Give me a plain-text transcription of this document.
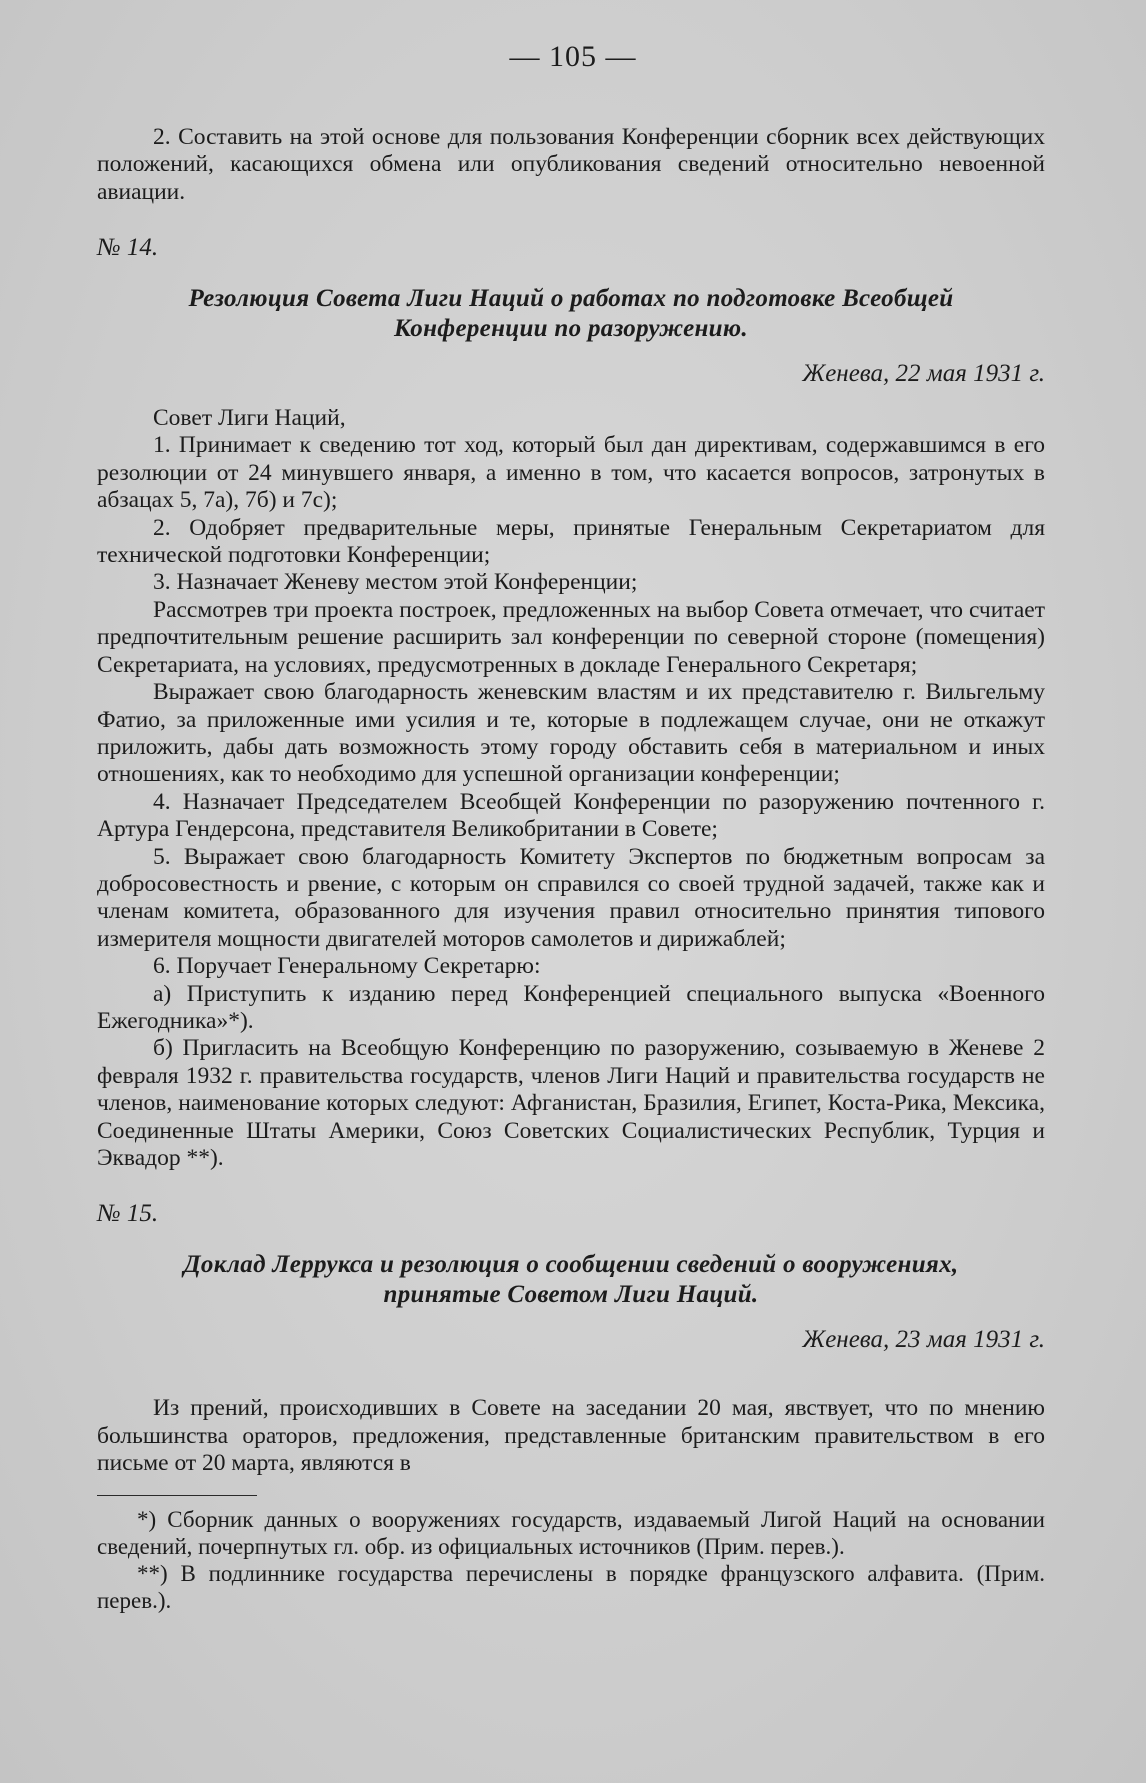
— 105 —

2. Составить на этой основе для пользования Конференции сборник всех действующих положений, касающихся обмена или опубликования сведений относительно невоенной авиации.

№ 14.

Резолюция Совета Лиги Наций о работах по подготовке Всеобщей
Конференции по разоружению.

Женева, 22 мая 1931 г.

Совет Лиги Наций,

1. Принимает к сведению тот ход, который был дан директивам, содержавшимся в его резолюции от 24 минувшего января, а именно в том, что касается вопросов, затронутых в абзацах 5, 7а), 7б) и 7с);

2. Одобряет предварительные меры, принятые Генеральным Секретариатом для технической подготовки Конференции;

3. Назначает Женеву местом этой Конференции;

Рассмотрев три проекта построек, предложенных на выбор Совета отмечает, что считает предпочтительным решение расширить зал конференции по северной стороне (помещения) Секретариата, на условиях, предусмотренных в докладе Генерального Секретаря;

Выражает свою благодарность женевским властям и их представителю г. Вильгельму Фатио, за приложенные ими усилия и те, которые в подлежащем случае, они не откажут приложить, дабы дать возможность этому городу обставить себя в материальном и иных отношениях, как то необходимо для успешной организации конференции;

4. Назначает Председателем Всеобщей Конференции по разоружению почтенного г. Артура Гендерсона, представителя Великобритании в Совете;

5. Выражает свою благодарность Комитету Экспертов по бюджетным вопросам за добросовестность и рвение, с которым он справился со своей трудной задачей, также как и членам комитета, образованного для изучения правил относительно принятия типового измерителя мощности двигателей моторов самолетов и дирижаблей;

6. Поручает Генеральному Секретарю:

а) Приступить к изданию перед Конференцией специального выпуска «Военного Ежегодника»*).

б) Пригласить на Всеобщую Конференцию по разоружению, созываемую в Женеве 2 февраля 1932 г. правительства государств, членов Лиги Наций и правительства государств не членов, наименование которых следуют: Афганистан, Бразилия, Египет, Коста-Рика, Мексика, Соединенные Штаты Америки, Союз Советских Социалистических Республик, Турция и Эквадор **).

№ 15.

Доклад Леррукса и резолюция о сообщении сведений о вооружениях,
принятые Советом Лиги Наций.

Женева, 23 мая 1931 г.

Из прений, происходивших в Совете на заседании 20 мая, явствует, что по мнению большинства ораторов, предложения, представленные британским правительством в его письме от 20 марта, являются в

*) Сборник данных о вооружениях государств, издаваемый Лигой Наций на основании сведений, почерпнутых гл. обр. из официальных источников (Прим. перев.).

**) В подлиннике государства перечислены в порядке французского алфавита. (Прим. перев.).
